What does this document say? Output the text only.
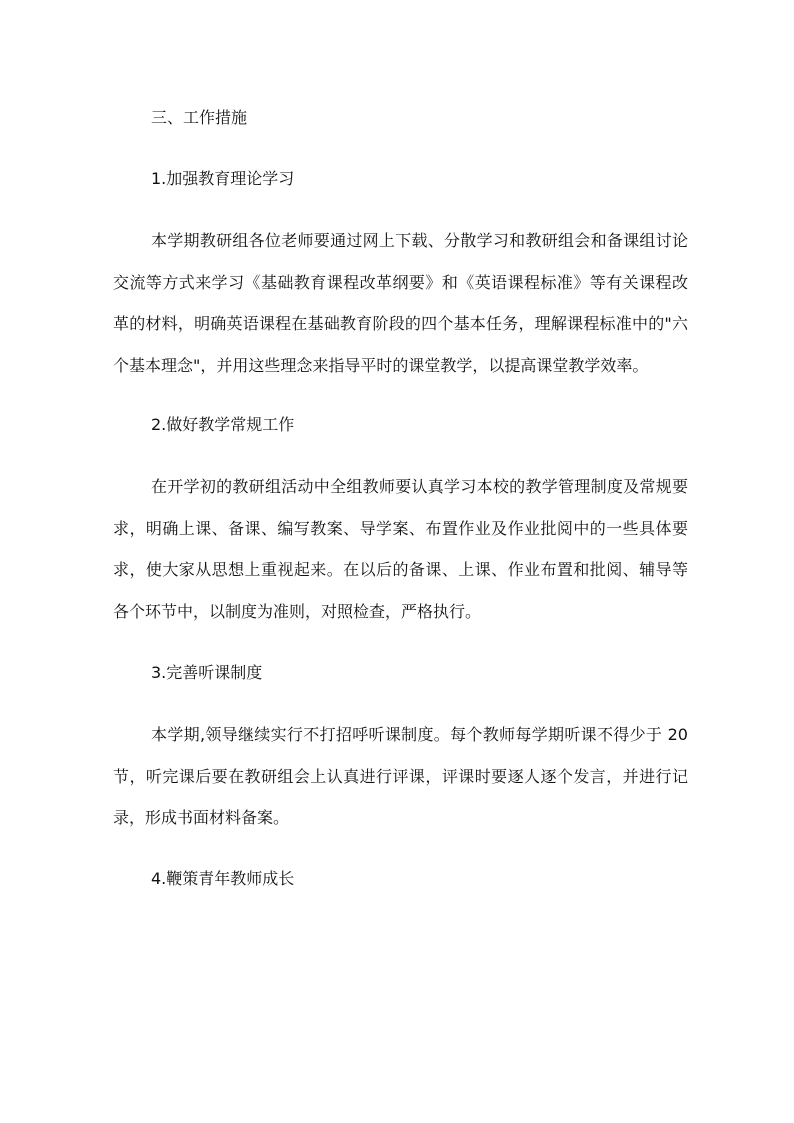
三、工作措施
1.加强教育理论学习

本学期教研组各位老师要通过网上下载、分散学习和教研组会和备课组讨论交流等方式来学习《基础教育课程改革纲要》和《英语课程标准》等有关课程改革的材料，明确英语课程在基础教育阶段的四个基本任务，理解课程标准中的"六个基本理念"，并用这些理念来指导平时的课堂教学，以提高课堂教学效率。

2.做好教学常规工作

在开学初的教研组活动中全组教师要认真学习本校的教学管理制度及常规要求，明确上课、备课、编写教案、导学案、布置作业及作业批阅中的一些具体要求，使大家从思想上重视起来。在以后的备课、上课、作业布置和批阅、辅导等各个环节中，以制度为准则，对照检查，严格执行。

3.完善听课制度

本学期,领导继续实行不打招呼听课制度。每个教师每学期听课不得少于 20 节，听完课后要在教研组会上认真进行评课，评课时要逐人逐个发言，并进行记录，形成书面材料备案。

4.鞭策青年教师成长
